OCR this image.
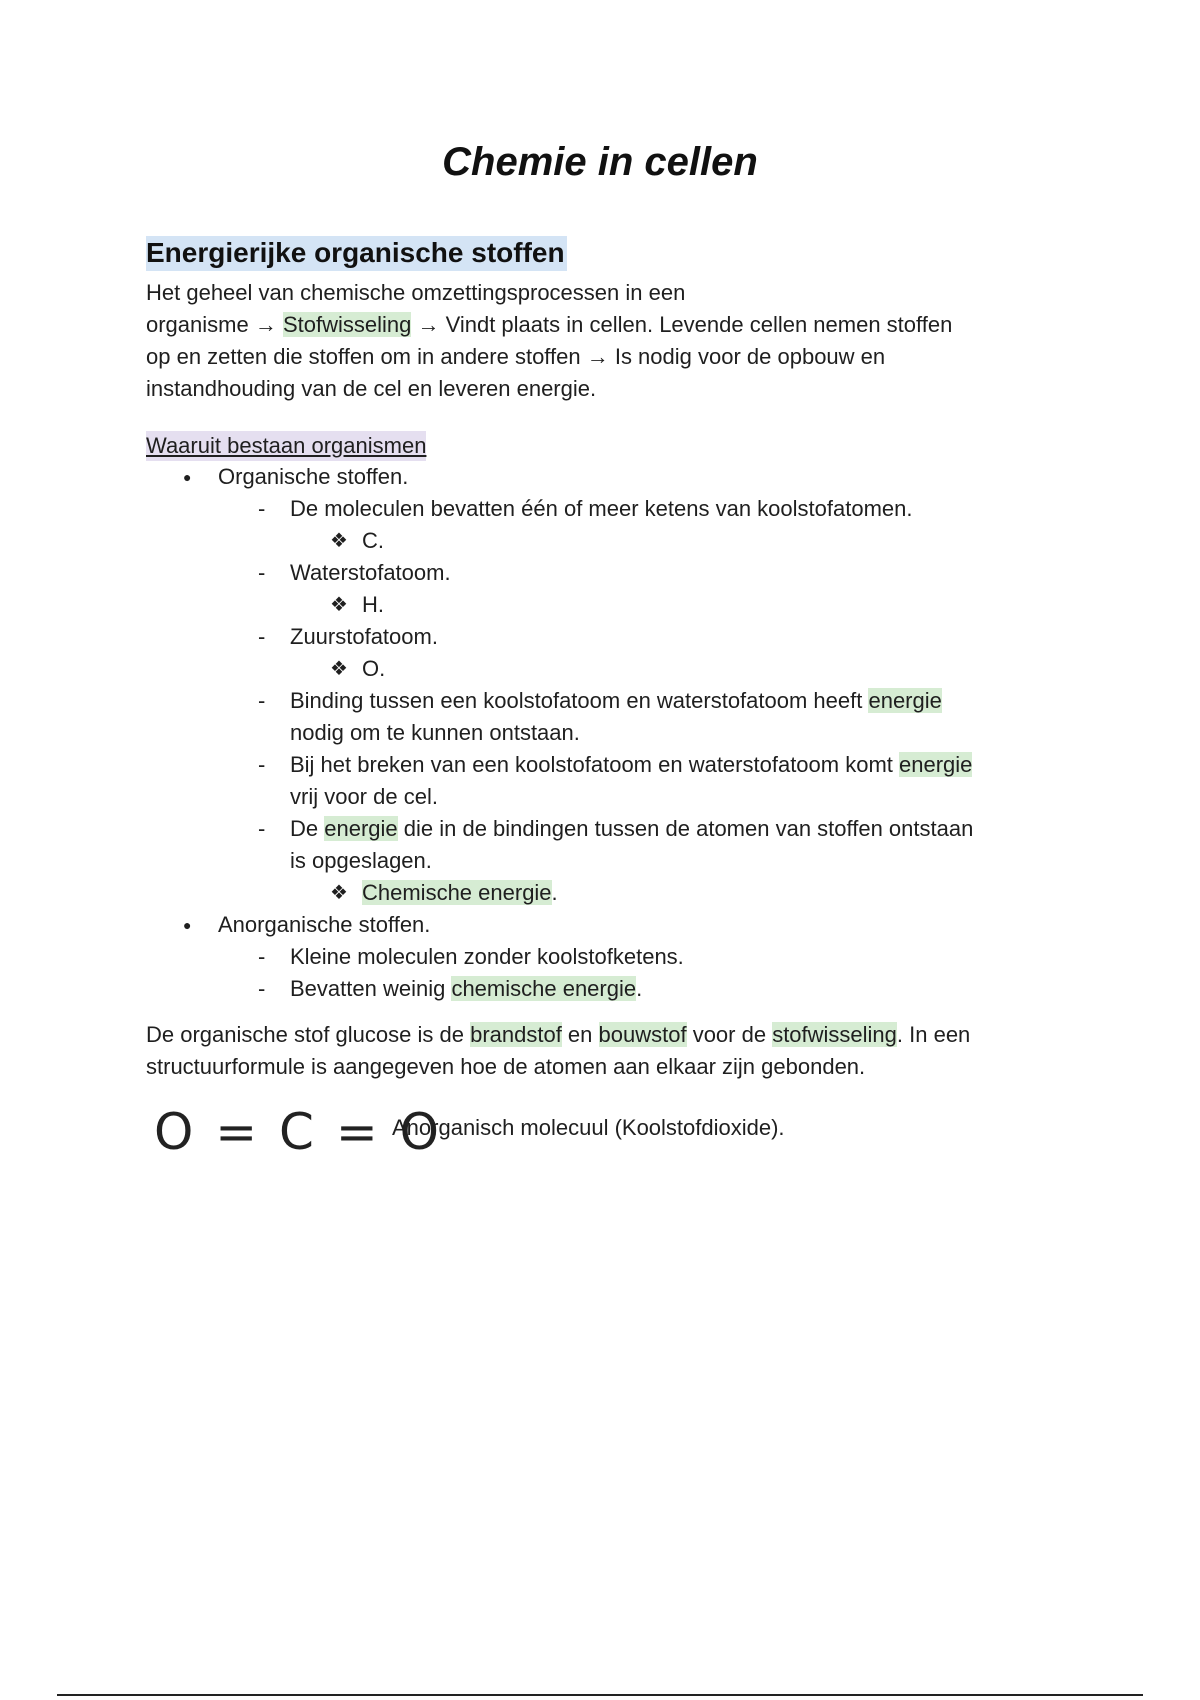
Chemie in cellen
Energierijke organische stoffen
Het geheel van chemische omzettingsprocessen in een
organisme → Stofwisseling → Vindt plaats in cellen. Levende cellen nemen stoffen
op en zetten die stoffen om in andere stoffen → Is nodig voor de opbouw en
instandhouding van de cel en leveren energie.
Waaruit bestaan organismen
● Organische stoffen.
- De moleculen bevatten één of meer ketens van koolstofatomen.
❖ C.
- Waterstofatoom.
❖ H.
- Zuurstofatoom.
❖ O.
- Binding tussen een koolstofatoom en waterstofatoom heeft energie
nodig om te kunnen ontstaan.
- Bij het breken van een koolstofatoom en waterstofatoom komt energie
vrij voor de cel.
- De energie die in de bindingen tussen de atomen van stoffen ontstaan
is opgeslagen.
❖ Chemische energie.
● Anorganische stoffen.
- Kleine moleculen zonder koolstofketens.
- Bevatten weinig chemische energie.
De organische stof glucose is de brandstof en bouwstof voor de stofwisseling. In een
structuurformule is aangegeven hoe de atomen aan elkaar zijn gebonden.
O = C = O
Anorganisch molecuul (Koolstofdioxide).
